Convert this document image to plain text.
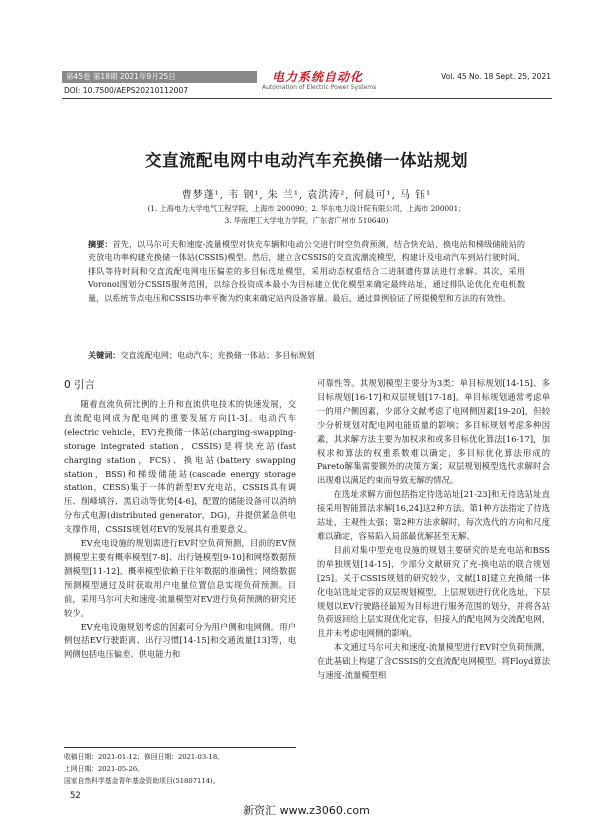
第45卷 第18期 2021年9月25日
DOI: 10.7500/AEPS20210112007
电力系统自动化
Automation of Electric Power Systems
Vol. 45 No. 18 Sept. 25, 2021
交直流配电网中电动汽车充换储一体站规划
曹梦蓬¹, 韦 钢¹, 朱 兰¹, 袁洪涛², 何晨可¹, 马 钰¹
(1. 上海电力大学电气工程学院，上海市 200090；2. 华东电力设计院有限公司，上海市 200001；
3. 华南理工大学电力学院，广东省广州市 510640)
摘要：首先，以马尔可夫和速度-流量模型对快充车辆和电动公交进行时空负荷预测，结合快充站、换电站和梯级储能站的充放电功率构建充换储一体站(CSSIS)模型。然后，建立含CSSIS的交直流潮流模型，构建计及电动汽车到站行驶时间、排队等待时间和交直流配电网电压偏差的多目标选址模型，采用动态权重结合二进制遗传算法进行求解。其次，采用Voronoi图划分CSSIS服务范围，以综合投资成本最小为目标建立优化模型来确定最终站址，通过排队论优化充电机数量，以系统节点电压和CSSIS功率平衡为约束来确定站内设备容量。最后，通过算例验证了所提模型和方法的有效性。
关键词：交直流配电网；电动汽车；充换储一体站；多目标规划
0 引言

随着直流负荷比例的上升和直流供电技术的快速发展，交直流配电网成为配电网的重要发展方向[1-3]。电动汽车(electric vehicle，EV)充换储一体站(charging-swapping-storage integrated station，CSSIS)是将快充站(fast charging station，FCS)、换电站(battery swapping station，BSS)和梯级储能站(cascade energy storage station，CESS)集于一体的新型EV充电站，CSSIS具有调压、削峰填谷、黑启动等优势[4-6]，配置的储能设备可以消纳分布式电源(distributed generator，DG)，并提供紧急供电支撑作用，CSSIS规划对EV的发展具有重要意义。

EV充电设施的规划需进行EV时空负荷预测，目前的EV预测模型主要有概率模型[7-8]、出行链模型[9-10]和网络数据预测模型[11-12]。概率模型依赖于往年数据的准确性；网络数据预测模型通过及时获取用户电量位置信息实现负荷预测。目前，采用马尔可夫和速度-流量模型对EV进行负荷预测的研究还较少。

EV充电设施规划考虑的因素可分为用户侧和电网侧。用户侧包括EV行驶距离、出行习惯[14-15]和交通流量[13]等，电网侧包括电压偏差、供电能力和

可靠性等。其规划模型主要分为3类：单目标规划[14-15]、多目标规划[16-17]和双层规划[17-18]。单目标规划通常考虑单一的用户侧因素，少部分文献考虑了电网侧因素[19-20]，但较少分析规划对配电网电能质量的影响；多目标规划考虑多种因素，其求解方法主要为加权求和或多目标优化算法[16-17]，加权求和算法的权重系数难以确定，多目标优化算法形成的Pareto解集需要额外的决策方案；双层规划模型选代求解时会出现难以满足约束而导致无解的情况。

在选址求解方面包括指定待选站址[21-23]和无待选站址直接采用智能算法求解[16,24]这2种方法。第1种方法指定了待选站址，主观性太强；第2种方法求解时，每次选代的方向和尺度难以确定，容易陷入局部最优解甚至无解。

目前对集中型充电设施的规划主要研究的是充电站和BSS的单独规划[14-15]，少部分文献研究了充-换电站的联合规划[25]。关于CSSIS规划的研究较少，文献[18]建立充换储一体化电站选址定容的双层规划模型，上层规划进行优化选址，下层规划以EV行驶路径最短为目标进行服务范围的划分，并将各站负荷返回给上层实现优化定容，但接入的配电网为交流配电网，且并未考虑电网侧的影响。

本文通过马尔可夫和速度-流量模型进行EV时空负荷预测，在此基础上构建了含CSSIS的交直流配电网模型。将Floyd算法与速度-流量模型相

收稿日期：2021-01-12；修回日期：2021-03-18。
上网日期：2021-05-26。
国家自然科学基金青年基金资助项目(51807114)。
52
新资汇 www.z3060.com
